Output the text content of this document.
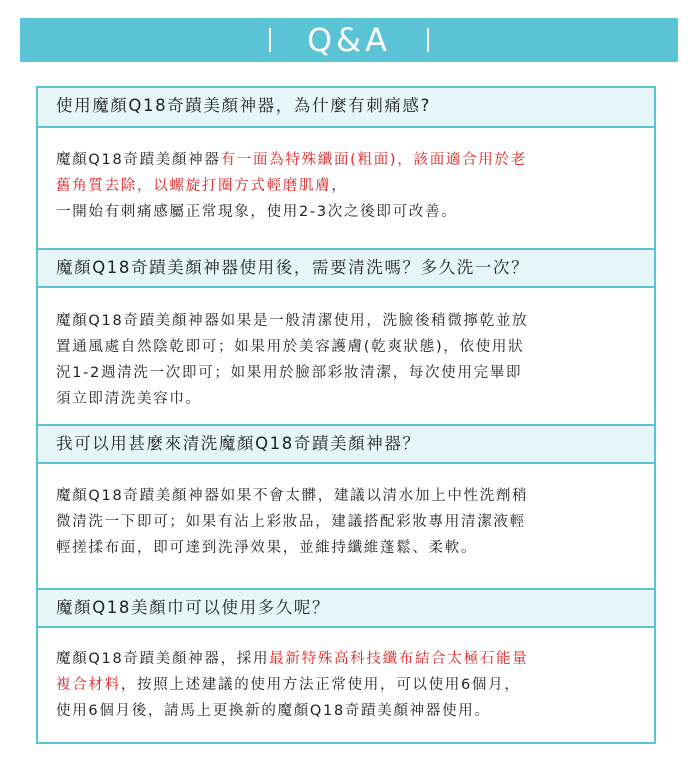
Q&A
使用魔顏Q18奇蹟美顏神器，為什麼有刺痛感?
魔顏Q18奇蹟美顏神器有一面為特殊纖面(粗面)，該面適合用於老
舊角質去除，以螺旋打圈方式輕磨肌膚，
一開始有刺痛感屬正常現象，使用2-3次之後即可改善。
魔顏Q18奇蹟美顏神器使用後，需要清洗嗎？多久洗一次？
魔顏Q18奇蹟美顏神器如果是一般清潔使用，洗臉後稍微擰乾並放
置通風處自然陰乾即可；如果用於美容護膚(乾爽狀態)，依使用狀
況1-2週清洗一次即可；如果用於臉部彩妝清潔，每次使用完畢即
須立即清洗美容巾。
我可以用甚麼來清洗魔顏Q18奇蹟美顏神器？
魔顏Q18奇蹟美顏神器如果不會太髒，建議以清水加上中性洗劑稍
微清洗一下即可；如果有沾上彩妝品，建議搭配彩妝專用清潔液輕
輕搓揉布面，即可達到洗淨效果，並維持纖維蓬鬆、柔軟。
魔顏Q18美顏巾可以使用多久呢？
魔顏Q18奇蹟美顏神器，採用最新特殊高科技纖布結合太極石能量
複合材料，按照上述建議的使用方法正常使用，可以使用6個月，
使用6個月後，請馬上更換新的魔顏Q18奇蹟美顏神器使用。
